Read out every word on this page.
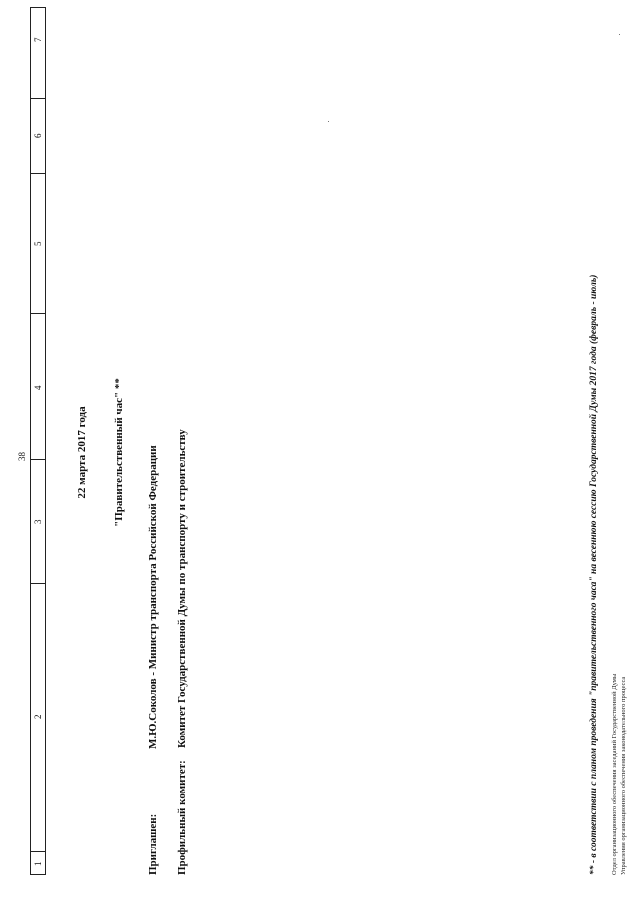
38
1
2
3
4
5
6
7
22 марта 2017 года "Правительственный час" **
Приглашен:
М.Ю.Соколов - Министр транспорта Российской Федерации
Профильный комитет:
Комитет Государственной Думы по транспорту и строительству
** - в соответствии с планом проведения "правительственного часа" на весеннюю сессию Государственной Думы 2017 года (февраль - июль)
Отдел организационного обеспечения заседаний Государственной Думы Управления организационного обеспечения законодательного процесса
